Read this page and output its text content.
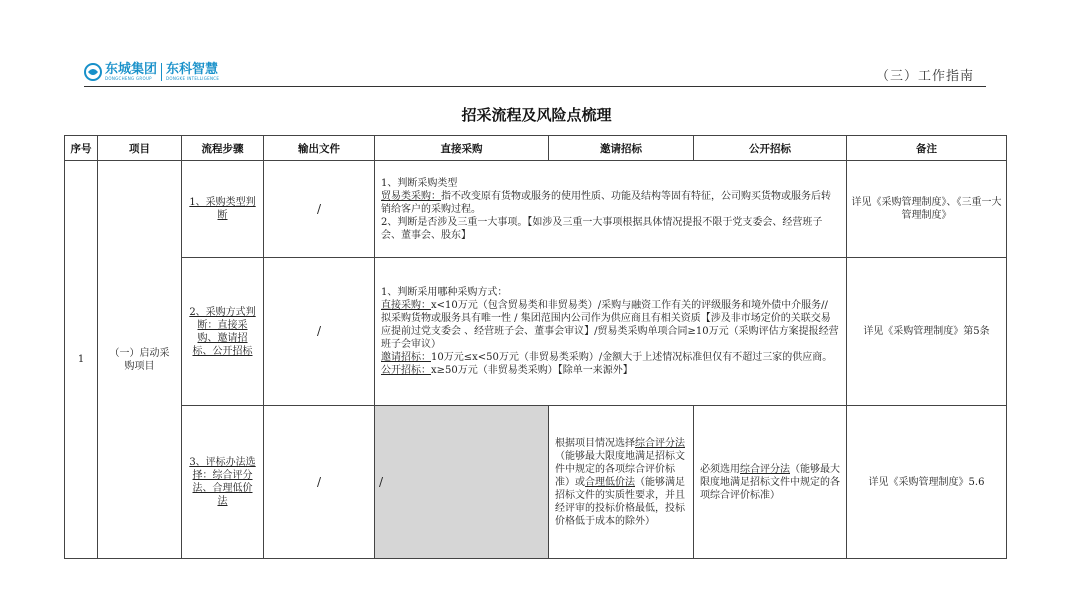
东城集团
DONGCHENG GROUP
东科智慧
DONGKE INTELLIGENCE	（三）工作指南
招采流程及风险点梳理
序号	项目	流程步骤	输出文件	直接采购	邀请招标	公开招标	备注
1	（一）启动采购项目	1、采购类型判断	/	1、判断采购类型
贸易类采购：指不改变原有货物或服务的使用性质、功能及结构等固有特征，公司购买货物或服务后转销给客户的采购过程。
2、判断是否涉及三重一大事项。【如涉及三重一大事项根据具体情况提报不限于党支委会、经营班子会、董事会、股东】			详见《采购管理制度》、《三重一大管理制度》
		2、采购方式判断：直接采购、邀请招标、公开招标	/	1、判断采用哪种采购方式：
直接采购：x<10万元（包含贸易类和非贸易类）/采购与融资工作有关的评级服务和境外债中介服务// 拟采购货物或服务具有唯一性 / 集团范围内公司作为供应商且有相关资质【涉及非市场定价的关联交易应提前过党支委会 、经营班子会、董事会审议】/贸易类采购单项合同≥10万元（采购评估方案提报经营班子会审议）
邀请招标：10万元≤x<50万元（非贸易类采购）/金额大于上述情况标准但仅有不超过三家的供应商。
公开招标：x≥50万元（非贸易类采购）【除单一来源外】			详见《采购管理制度》第5条
		3、评标办法选择：综合评分法、合理低价法	/	/	根据项目情况选择综合评分法（能够最大限度地满足招标文件中规定的各项综合评价标准）或合理低价法（能够满足招标文件的实质性要求，并且经评审的投标价格最低，投标价格低于成本的除外）	必须选用综合评分法（能够最大限度地满足招标文件中规定的各项综合评价标准）	详见《采购管理制度》5.6
